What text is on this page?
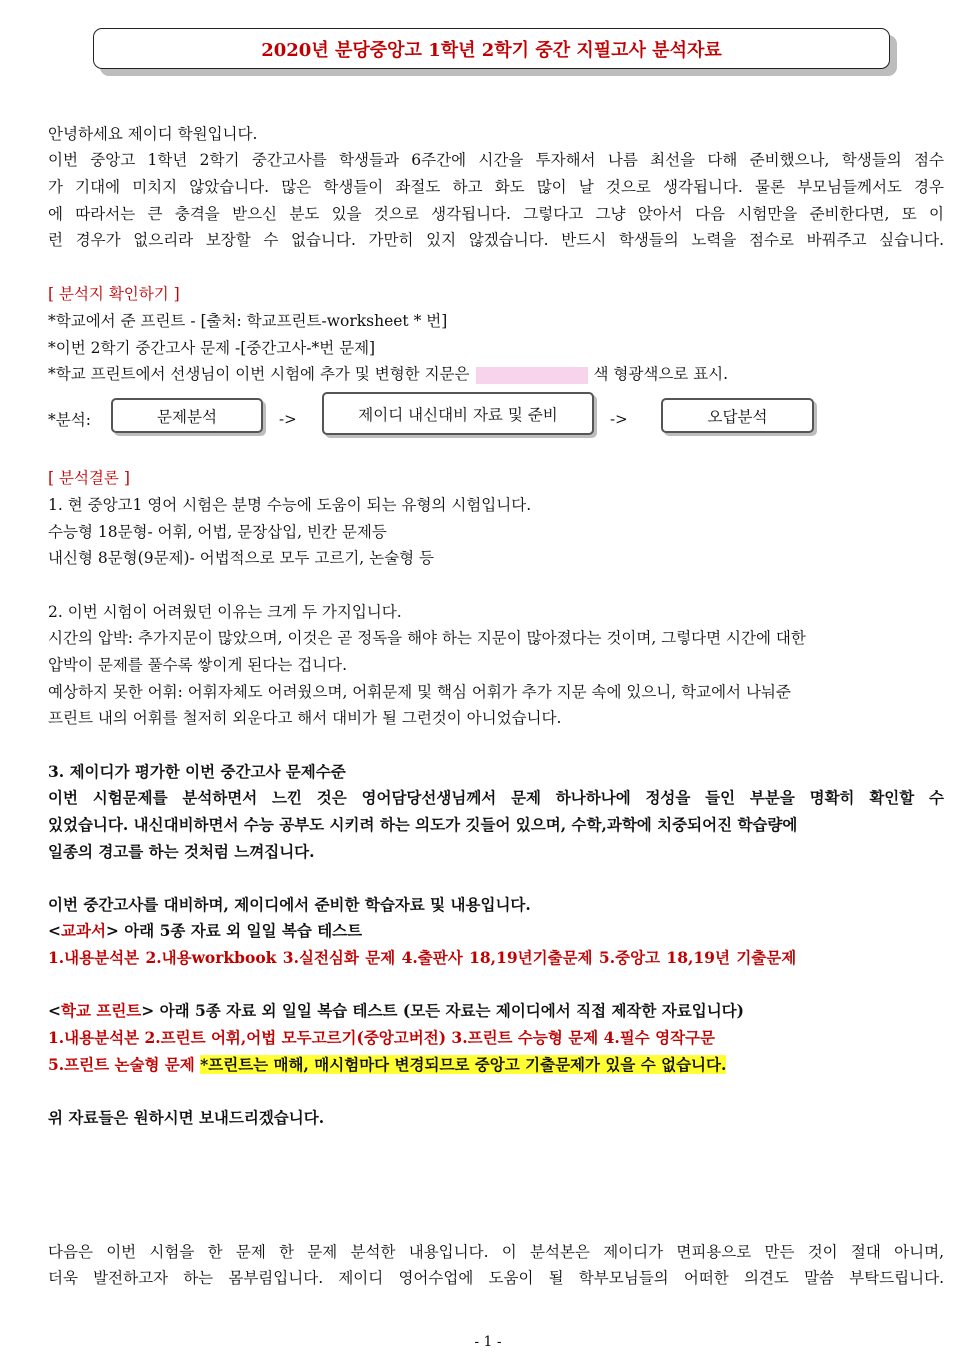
2020년 분당중앙고 1학년 2학기 중간 지필고사 분석자료
안녕하세요 제이디 학원입니다.
이번 중앙고 1학년 2학기 중간고사를 학생들과 6주간에 시간을 투자해서 나름 최선을 다해 준비했으나, 학생들의 점수
가 기대에 미치지 않았습니다. 많은 학생들이 좌절도 하고 화도 많이 날 것으로 생각됩니다. 물론 부모님들께서도 경우
에 따라서는 큰 충격을 받으신 분도 있을 것으로 생각됩니다. 그렇다고 그냥 앉아서 다음 시험만을 준비한다면, 또 이
런 경우가 없으리라 보장할 수 없습니다. 가만히 있지 않겠습니다. 반드시 학생들의 노력을 점수로 바꿔주고 싶습니다.
[ 분석지 확인하기 ]
*학교에서 준 프린트 - [출처: 학교프린트-worksheet * 번]
*이번 2학기 중간고사 문제 -[중간고사-*번 문제]
*학교 프린트에서 선생님이 이번 시험에 추가 및 변형한 지문은	색 형광색으로 표시.
*분석:	문제분석	->	제이디 내신대비 자료 및 준비	->	오답분석
[ 분석결론 ]
1. 현 중앙고1 영어 시험은 분명 수능에 도움이 되는 유형의 시험입니다.
수능형 18문형- 어휘, 어법, 문장삽입, 빈칸 문제등
내신형 8문형(9문제)- 어법적으로 모두 고르기, 논술형 등
2. 이번 시험이 어려웠던 이유는 크게 두 가지입니다.
시간의 압박: 추가지문이 많았으며, 이것은 곧 정독을 해야 하는 지문이 많아졌다는 것이며, 그렇다면 시간에 대한
압박이 문제를 풀수록 쌓이게 된다는 겁니다.
예상하지 못한 어휘: 어휘자체도 어려웠으며, 어휘문제 및 핵심 어휘가 추가 지문 속에 있으니, 학교에서 나눠준
프린트 내의 어휘를 철저히 외운다고 해서 대비가 될 그런것이 아니었습니다.
3. 제이디가 평가한 이번 중간고사 문제수준
이번 시험문제를 분석하면서 느낀 것은 영어담당선생님께서 문제 하나하나에 정성을 들인 부분을 명확히 확인할 수
있었습니다. 내신대비하면서 수능 공부도 시키려 하는 의도가 깃들어 있으며, 수학,과학에 치중되어진 학습량에
일종의 경고를 하는 것처럼 느껴집니다.
이번 중간고사를 대비하며, 제이디에서 준비한 학습자료 및 내용입니다.
<교과서> 아래 5종 자료 외 일일 복습 테스트
1.내용분석본 2.내용workbook 3.실전심화 문제 4.출판사 18,19년기출문제 5.중앙고 18,19년 기출문제
<학교 프린트> 아래 5종 자료 외 일일 복습 테스트 (모든 자료는 제이디에서 직접 제작한 자료입니다)
1.내용분석본 2.프린트 어휘,어법 모두고르기(중앙고버전) 3.프린트 수능형 문제 4.필수 영작구문
5.프린트 논술형 문제 *프린트는 매해, 매시험마다 변경되므로 중앙고 기출문제가 있을 수 없습니다.
위 자료들은 원하시면 보내드리겠습니다.
다음은 이번 시험을 한 문제 한 문제 분석한 내용입니다. 이 분석본은 제이디가 면피용으로 만든 것이 절대 아니며,
더욱 발전하고자 하는 몸부림입니다. 제이디 영어수업에 도움이 될 학부모님들의 어떠한 의견도 말씀 부탁드립니다.
- 1 -
